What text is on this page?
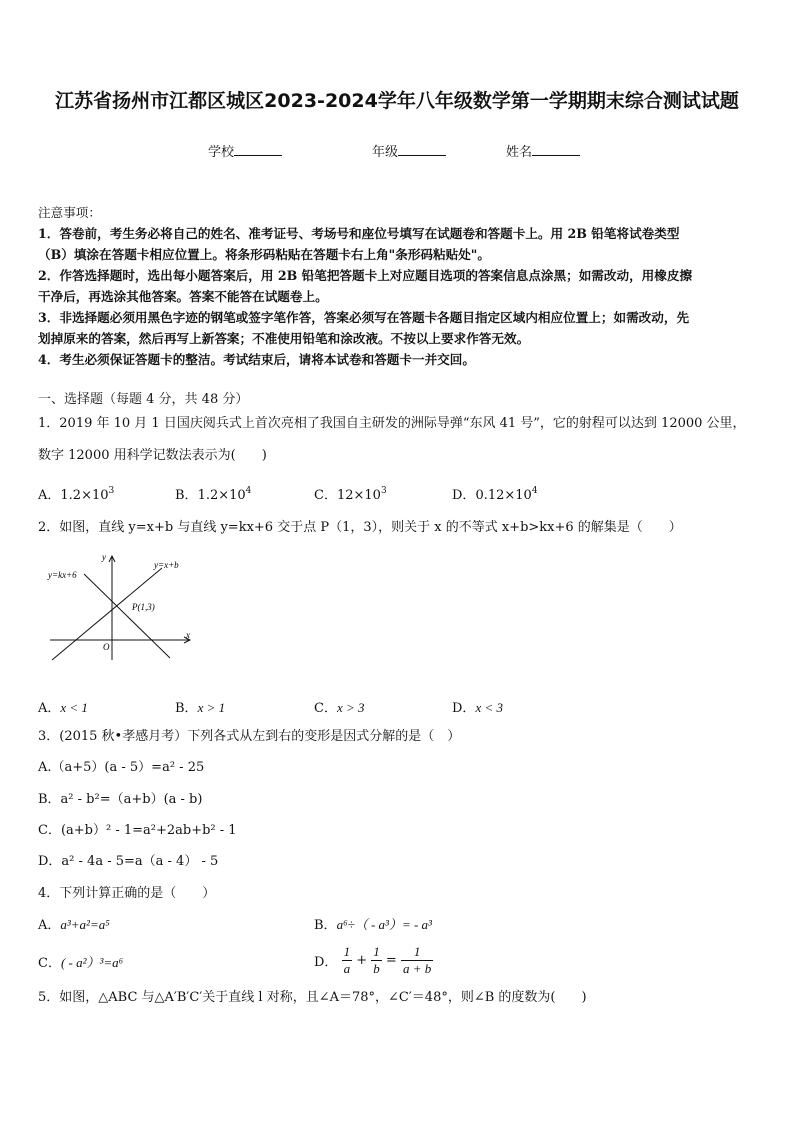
江苏省扬州市江都区城区2023-2024学年八年级数学第一学期期末综合测试试题
学校	年级	姓名
注意事项：
1．答卷前，考生务必将自己的姓名、准考证号、考场号和座位号填写在试题卷和答题卡上。用 2B 铅笔将试卷类型
（B）填涂在答题卡相应位置上。将条形码粘贴在答题卡右上角"条形码粘贴处"。
2．作答选择题时，选出每小题答案后，用 2B 铅笔把答题卡上对应题目选项的答案信息点涂黑；如需改动，用橡皮擦
干净后，再选涂其他答案。答案不能答在试题卷上。
3．非选择题必须用黑色字迹的钢笔或签字笔作答，答案必须写在答题卡各题目指定区域内相应位置上；如需改动，先
划掉原来的答案，然后再写上新答案；不准使用铅笔和涂改液。不按以上要求作答无效。
4．考生必须保证答题卡的整洁。考试结束后，请将本试卷和答题卡一并交回。
一、选择题（每题 4 分，共 48 分）
1．2019 年 10 月 1 日国庆阅兵式上首次亮相了我国自主研发的洲际导弹“东风 41 号”，它的射程可以达到 12000 公里，
数字 12000 用科学记数法表示为(　　)
A．$1.2\times 10^3$	B．$1.2\times 10^4$	C．$12\times 10^3$	D．$0.12\times 10^4$
2．如图，直线 y=x+b 与直线 y=kx+6 交于点 P（1，3），则关于 x 的不等式 x+b>kx+6 的解集是（　　）
y=kx+6
y=x+b
P(1,3)
x
y
O
A．x < 1	B．x > 1	C．x > 3	D．x < 3
3．(2015 秋•孝感月考）下列各式从左到右的变形是因式分解的是（　）
A.（a+5）(a - 5）=a² - 25
B．a² - b²=（a+b）(a - b)
C．(a+b）² - 1=a²+2ab+b² - 1
D．a² - 4a - 5=a（a - 4） - 5
4．下列计算正确的是（　　）
A．a³+a²=a⁵	B．a⁶÷（ - a³）= - a³
C．( - a²）³=a⁶	D． $\frac{1}{a} + \frac{1}{b} = \frac{1}{a + b}$
5．如图，△ABC 与△A′B′C′关于直线 l 对称，且∠A＝78°，∠C′＝48°，则∠B 的度数为(　　)
